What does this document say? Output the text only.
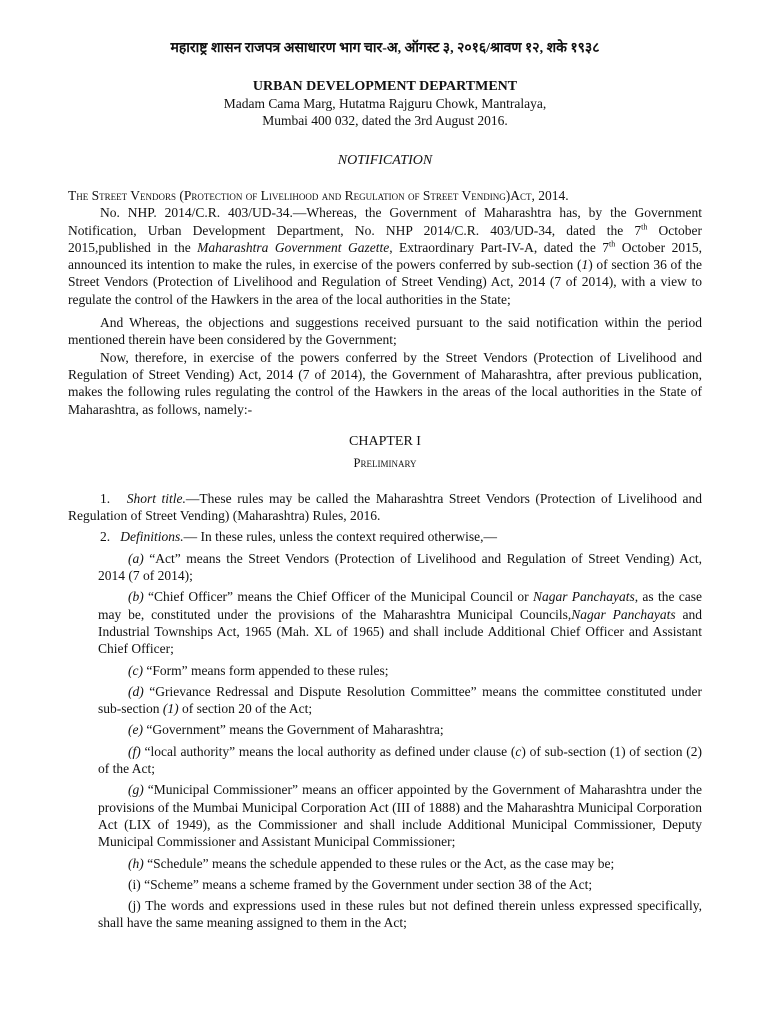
महाराष्ट्र शासन राजपत्र असाधारण भाग चार-अ, ऑगस्ट ३, २०१६/श्रावण १२, शके १९३८
URBAN DEVELOPMENT DEPARTMENT
Madam Cama Marg, Hutatma Rajguru Chowk, Mantralaya,
Mumbai 400 032, dated the 3rd August 2016.
NOTIFICATION

The Street Vendors (Protection of Livelihood and Regulation of Street Vending)Act, 2014.

No. NHP. 2014/C.R. 403/UD-34.—Whereas, the Government of Maharashtra has, by the Government Notification, Urban Development Department, No. NHP 2014/C.R. 403/UD-34, dated the 7th October 2015,published in the Maharashtra Government Gazette, Extraordinary Part-IV-A, dated the 7th October 2015, announced its intention to make the rules, in exercise of the powers conferred by sub-section (1) of section 36 of the Street Vendors (Protection of Livelihood and Regulation of Street Vending) Act, 2014 (7 of 2014), with a view to regulate the control of the Hawkers in the area of the local authorities in the State;

And Whereas, the objections and suggestions received pursuant to the said notification within the period mentioned therein have been considered by the Government;

Now, therefore, in exercise of the powers conferred by the Street Vendors (Protection of Livelihood and Regulation of Street Vending) Act, 2014 (7 of 2014), the Government of Maharashtra, after previous publication, makes the following rules regulating the control of the Hawkers in the areas of the local authorities in the State of Maharashtra, as follows, namely:-

CHAPTER I
Preliminary

1. Short title.—These rules may be called the Maharashtra Street Vendors (Protection of Livelihood and Regulation of Street Vending) (Maharashtra) Rules, 2016.

2. Definitions.— In these rules, unless the context required otherwise,—

(a) “Act” means the Street Vendors (Protection of Livelihood and Regulation of Street Vending) Act, 2014 (7 of 2014);

(b) “Chief Officer” means the Chief Officer of the Municipal Council or Nagar Panchayats, as the case may be, constituted under the provisions of the Maharashtra Municipal Councils,Nagar Panchayats and Industrial Townships Act, 1965 (Mah. XL of 1965) and shall include Additional Chief Officer and Assistant Chief Officer;

(c) “Form” means form appended to these rules;

(d) “Grievance Redressal and Dispute Resolution Committee” means the committee constituted under sub-section (1) of section 20 of the Act;

(e) “Government” means the Government of Maharashtra;

(f) “local authority” means the local authority as defined under clause (c) of sub-section (1) of section (2) of the Act;

(g) “Municipal Commissioner” means an officer appointed by the Government of Maharashtra under the provisions of the Mumbai Municipal Corporation Act (III of 1888) and the Maharashtra Municipal Corporation Act (LIX of 1949), as the Commissioner and shall include Additional Municipal Commissioner, Deputy Municipal Commissioner and Assistant Municipal Commissioner;

(h) “Schedule” means the schedule appended to these rules or the Act, as the case may be;

(i) “Scheme” means a scheme framed by the Government under section 38 of the Act;

(j) The words and expressions used in these rules but not defined therein unless expressed specifically, shall have the same meaning assigned to them in the Act;
